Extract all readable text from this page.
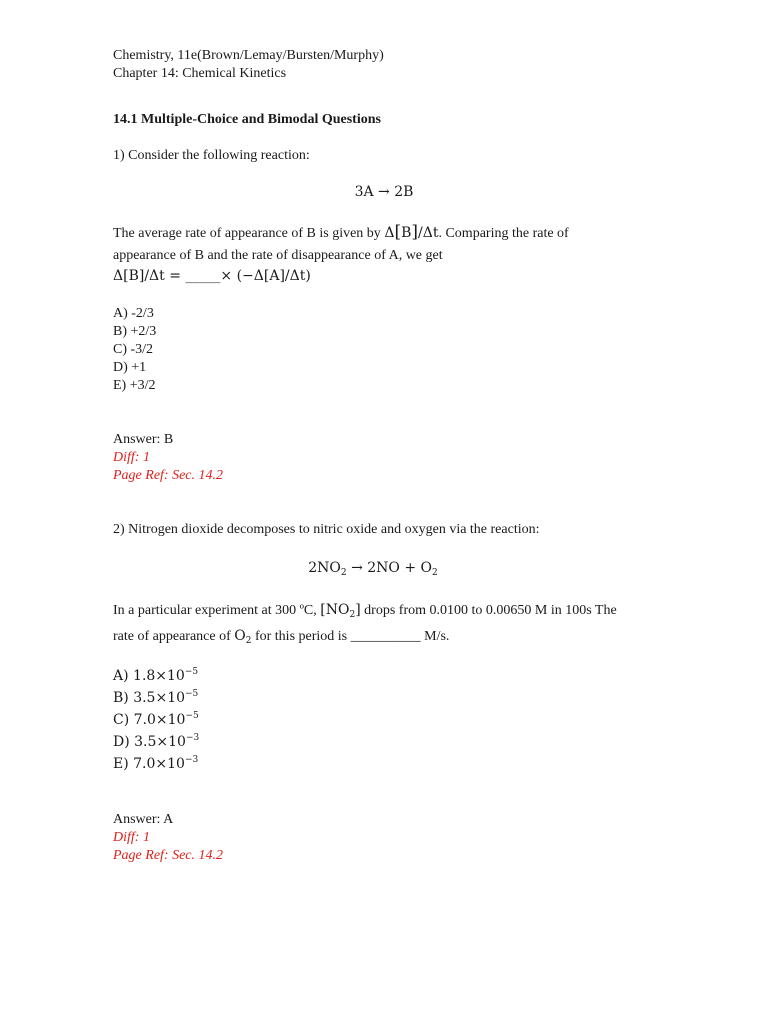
Chemistry, 11e(Brown/Lemay/Bursten/Murphy)
Chapter 14: Chemical Kinetics
14.1 Multiple-Choice and Bimodal Questions
1) Consider the following reaction:
3A → 2B
The average rate of appearance of B is given by Δ[B]/Δt. Comparing the rate of
appearance of B and the rate of disappearance of A, we get
Δ[B]/Δt = _____× (−Δ[A]/Δt)
A) -2/3
B) +2/3
C) -3/2
D) +1
E) +3/2
Answer: B
Diff: 1
Page Ref: Sec. 14.2
2) Nitrogen dioxide decomposes to nitric oxide and oxygen via the reaction:
$2NO_2 \to 2NO + O_2$
In a particular experiment at 300 ºC, $[NO_2]$ drops from 0.0100 to 0.00650 M in 100s The
rate of appearance of $O_2$ for this period is __________ M/s.
A) $1.8\times 10^{-5}$
B) $3.5\times 10^{-5}$
C) $7.0\times 10^{-5}$
D) $3.5\times 10^{-3}$
E) $7.0\times 10^{-3}$
Answer: A
Diff: 1
Page Ref: Sec. 14.2
